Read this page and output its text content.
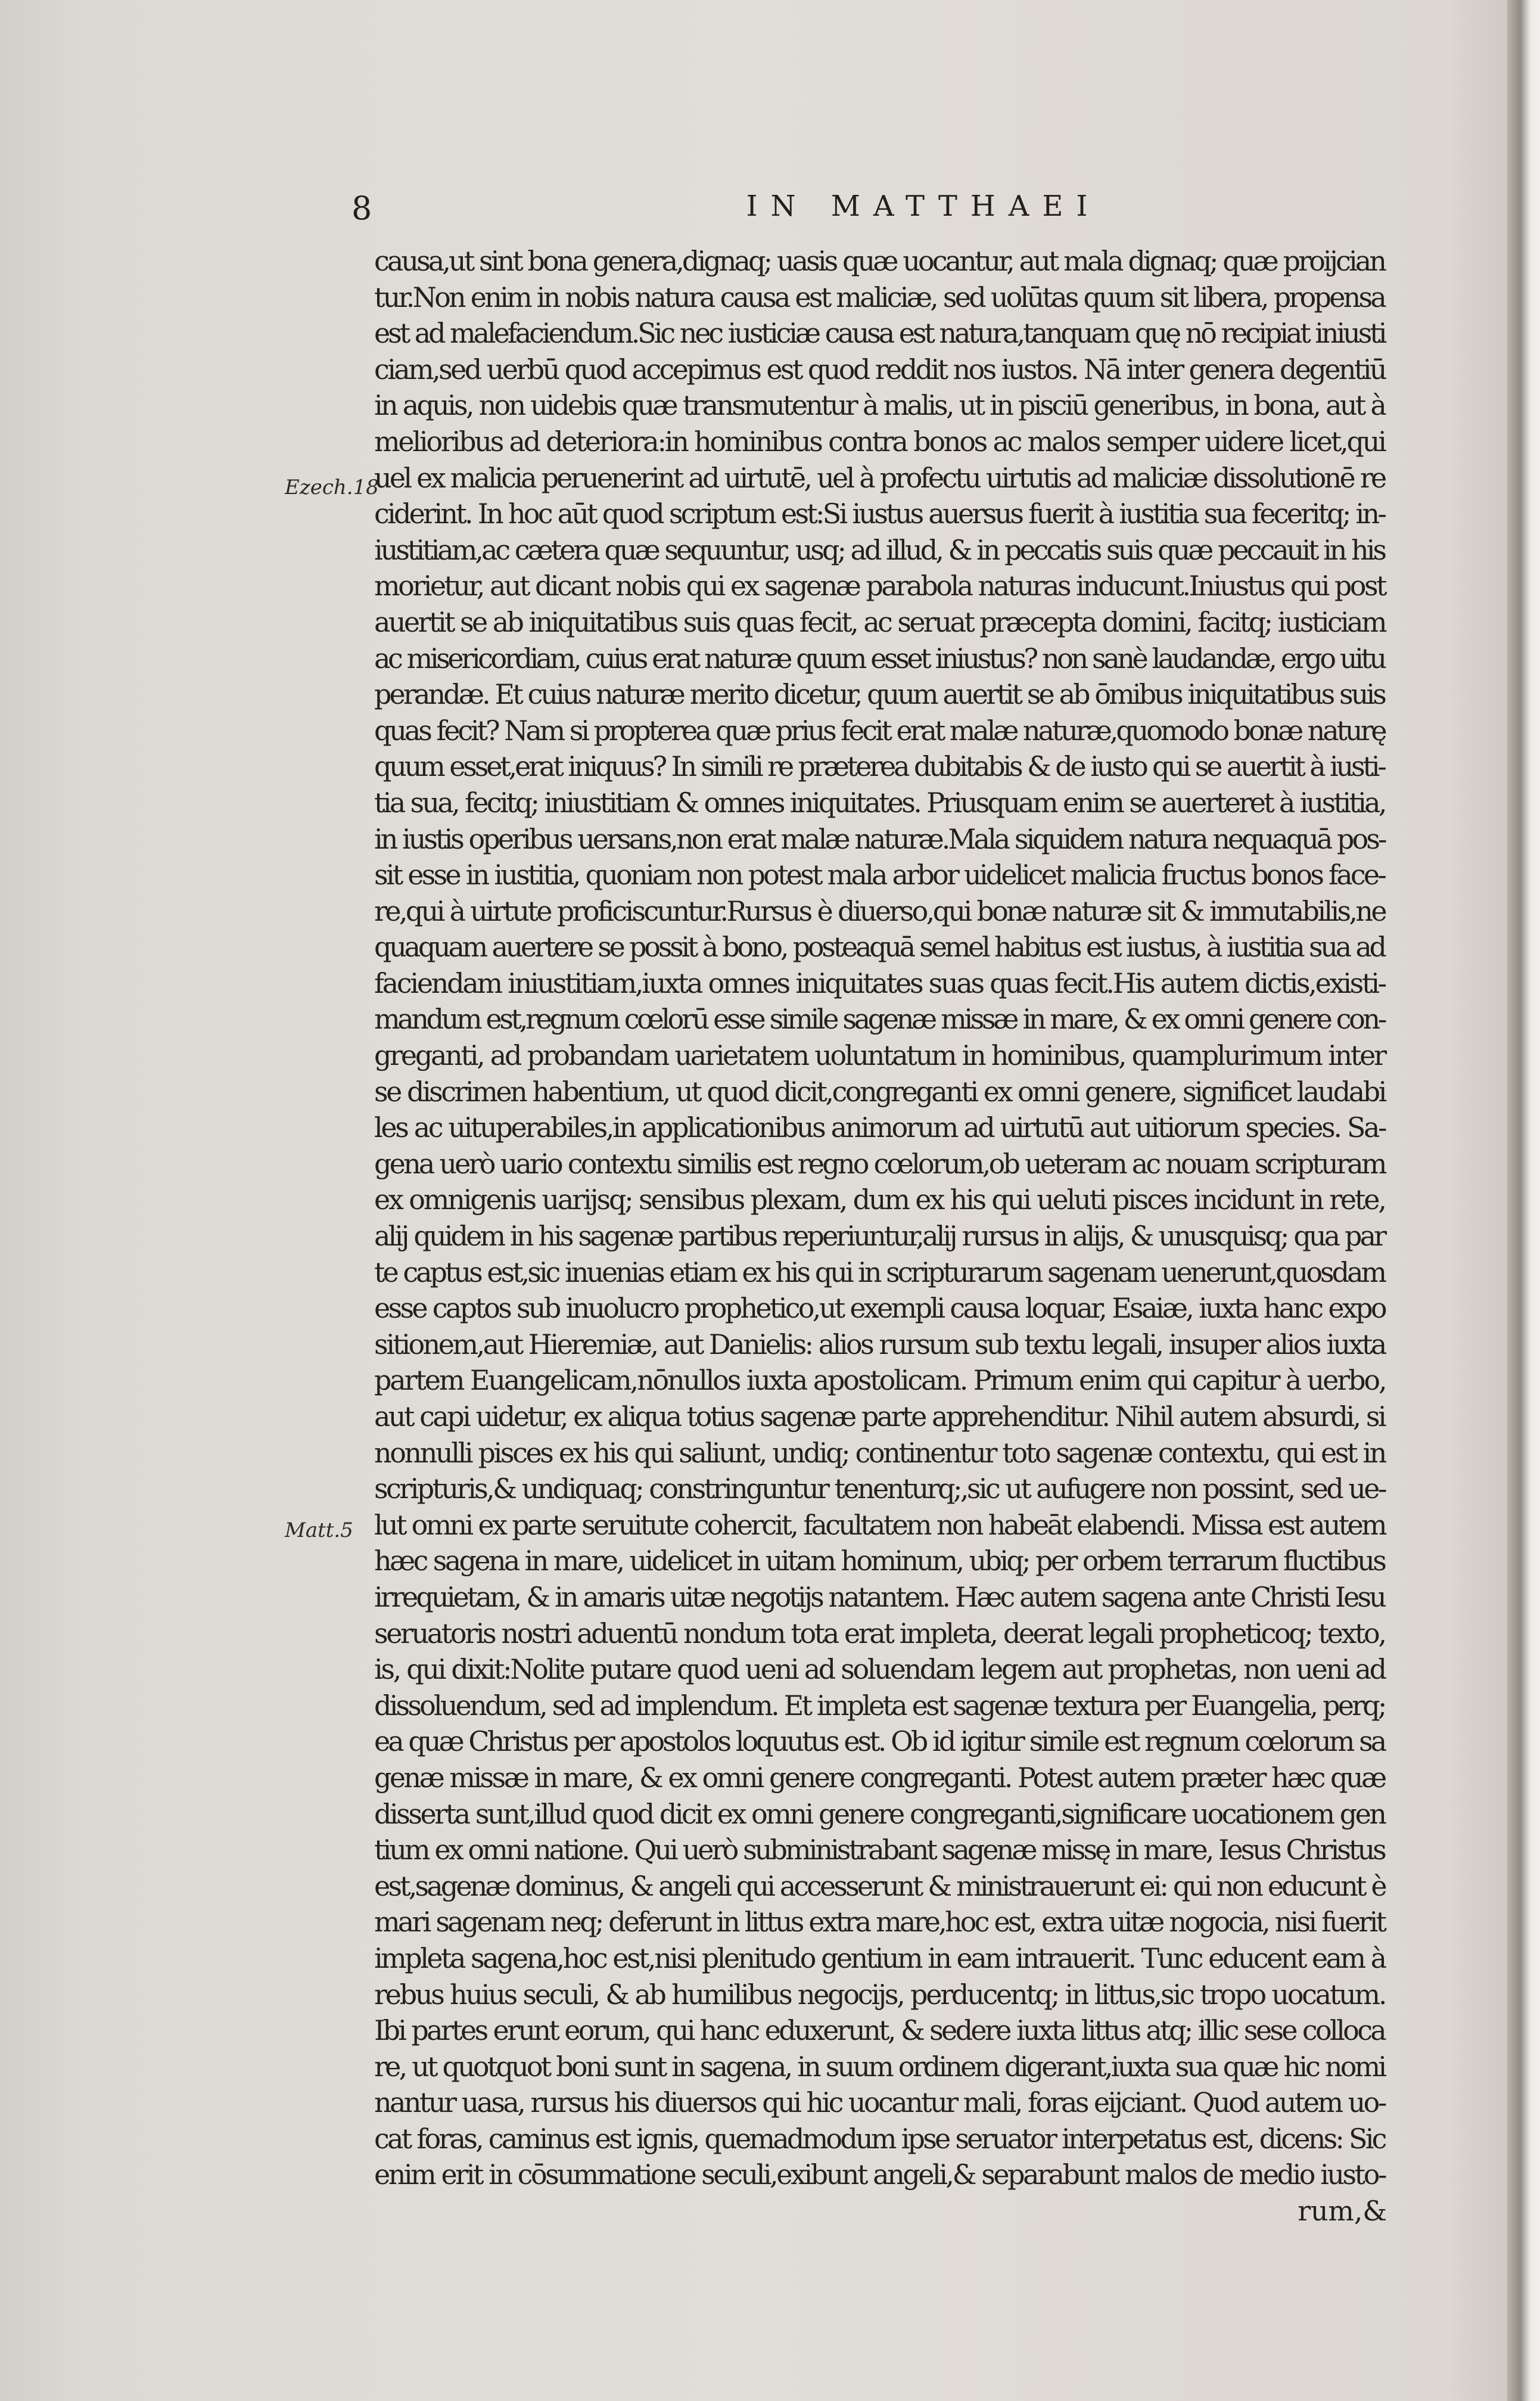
8	IN MATTHAEI
Ezech.18
Matt.5
causa,ut sint bona genera,dignaq; uasis quæ uocantur, aut mala dignaq; quæ proijcian
tur.Non enim in nobis natura causa est maliciæ, sed uolūtas quum sit libera, propensa
est ad malefaciendum.Sic nec iusticiæ causa est natura,tanquam quę nō recipiat iniusti
ciam,sed uerbū quod accepimus est quod reddit nos iustos. Nā inter genera degentiū
in aquis, non uidebis quæ transmutentur à malis, ut in pisciū generibus, in bona, aut à
melioribus ad deteriora:in hominibus contra bonos ac malos semper uidere licet,qui
uel ex malicia peruenerint ad uirtutē, uel à profectu uirtutis ad maliciæ dissolutionē re
ciderint. In hoc aūt quod scriptum est:Si iustus auersus fuerit à iustitia sua feceritq; in-
iustitiam,ac cætera quæ sequuntur, usq; ad illud, & in peccatis suis quæ peccauit in his
morietur, aut dicant nobis qui ex sagenæ parabola naturas inducunt.Iniustus qui post
auertit se ab iniquitatibus suis quas fecit, ac seruat præcepta domini, facitq; iusticiam
ac misericordiam, cuius erat naturæ quum esset iniustus? non sanè laudandæ, ergo uitu
perandæ. Et cuius naturæ merito dicetur, quum auertit se ab ōmibus iniquitatibus suis
quas fecit? Nam si propterea quæ prius fecit erat malæ naturæ,quomodo bonæ naturę
quum esset,erat iniquus? In simili re præterea dubitabis & de iusto qui se auertit à iusti-
tia sua, fecitq; iniustitiam & omnes iniquitates. Priusquam enim se auerteret à iustitia,
in iustis operibus uersans,non erat malæ naturæ.Mala siquidem natura nequaquā pos-
sit esse in iustitia, quoniam non potest mala arbor uidelicet malicia fructus bonos face-
re,qui à uirtute proficiscuntur.Rursus è diuerso,qui bonæ naturæ sit & immutabilis,ne
quaquam auertere se possit à bono, posteaquā semel habitus est iustus, à iustitia sua ad
faciendam iniustitiam,iuxta omnes iniquitates suas quas fecit.His autem dictis,existi-
mandum est,regnum cœlorū esse simile sagenæ missæ in mare, & ex omni genere con-
greganti, ad probandam uarietatem uoluntatum in hominibus, quamplurimum inter
se discrimen habentium, ut quod dicit,congreganti ex omni genere, significet laudabi
les ac uituperabiles,in applicationibus animorum ad uirtutū aut uitiorum species. Sa-
gena uerò uario contextu similis est regno cœlorum,ob ueteram ac nouam scripturam
ex omnigenis uarijsq; sensibus plexam, dum ex his qui ueluti pisces incidunt in rete,
alij quidem in his sagenæ partibus reperiuntur,alij rursus in alijs, & unusquisq; qua par
te captus est,sic inuenias etiam ex his qui in scripturarum sagenam uenerunt,quosdam
esse captos sub inuolucro prophetico,ut exempli causa loquar, Esaiæ, iuxta hanc expo
sitionem,aut Hieremiæ, aut Danielis: alios rursum sub textu legali, insuper alios iuxta
partem Euangelicam,nōnullos iuxta apostolicam. Primum enim qui capitur à uerbo,
aut capi uidetur, ex aliqua totius sagenæ parte apprehenditur. Nihil autem absurdi, si
nonnulli pisces ex his qui saliunt, undiq; continentur toto sagenæ contextu, qui est in
scripturis,& undiquaq; constringuntur tenenturq;,sic ut aufugere non possint, sed ue-
lut omni ex parte seruitute cohercit, facultatem non habeāt elabendi. Missa est autem
hæc sagena in mare, uidelicet in uitam hominum, ubiq; per orbem terrarum fluctibus
irrequietam, & in amaris uitæ negotijs natantem. Hæc autem sagena ante Christi Iesu
seruatoris nostri aduentū nondum tota erat impleta, deerat legali propheticoq; texto,
is, qui dixit:Nolite putare quod ueni ad soluendam legem aut prophetas, non ueni ad
dissoluendum, sed ad implendum. Et impleta est sagenæ textura per Euangelia, perq;
ea quæ Christus per apostolos loquutus est. Ob id igitur simile est regnum cœlorum sa
genæ missæ in mare, & ex omni genere congreganti. Potest autem præter hæc quæ
disserta sunt,illud quod dicit ex omni genere congreganti,significare uocationem gen
tium ex omni natione. Qui uerò subministrabant sagenæ missę in mare, Iesus Christus
est,sagenæ dominus, & angeli qui accesserunt & ministrauerunt ei: qui non educunt è
mari sagenam neq; deferunt in littus extra mare,hoc est, extra uitæ nogocia, nisi fuerit
impleta sagena,hoc est,nisi plenitudo gentium in eam intrauerit. Tunc educent eam à
rebus huius seculi, & ab humilibus negocijs, perducentq; in littus,sic tropo uocatum.
Ibi partes erunt eorum, qui hanc eduxerunt, & sedere iuxta littus atq; illic sese colloca
re, ut quotquot boni sunt in sagena, in suum ordinem digerant,iuxta sua quæ hic nomi
nantur uasa, rursus his diuersos qui hic uocantur mali, foras eijciant. Quod autem uo-
cat foras, caminus est ignis, quemadmodum ipse seruator interpetatus est, dicens: Sic
enim erit in cōsummatione seculi,exibunt angeli,& separabunt malos de medio iusto-
rum,&
